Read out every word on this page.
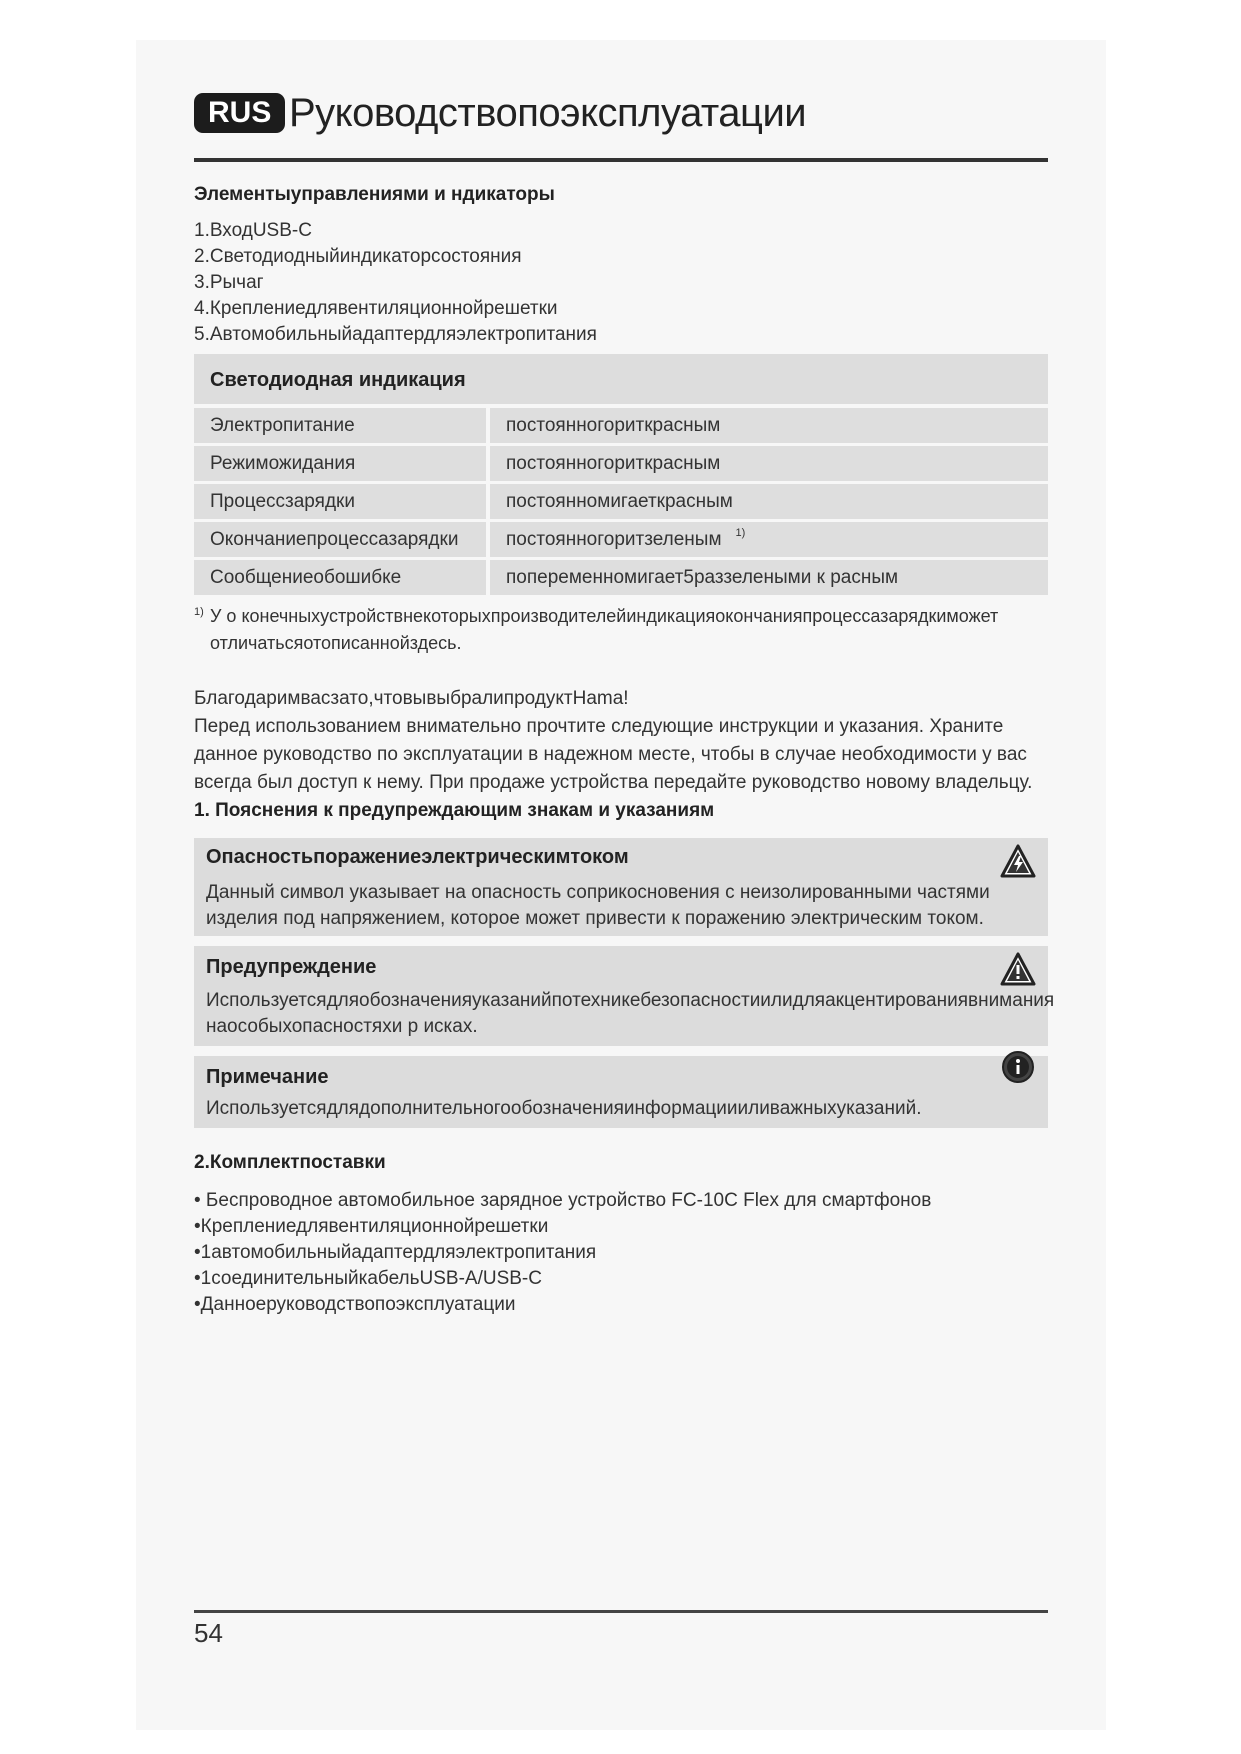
RUS Руководствопоэксплуатации
Элементыуправлениями и ндикаторы
1.ВходUSB-C
2.Светодиодныйиндикаторсостояния
3.Рычаг
4.Креплениедлявентиляционнойрешетки
5.Автомобильныйадаптердляэлектропитания
Светодиодная индикация
Электропитание	постоянногориткрасным
Режиможидания	постоянногориткрасным
Процессзарядки	постоянномигаеткрасным
Окончаниепроцессазарядки	постоянногоритзеленым $^{1)}$
Сообщениеобошибке	попеременномигает5раззелеными к расным
1) У о конечныхустройствнекоторыхпроизводителейиндикацияокончанияпроцессазарядкиможет отличатьсяотописаннойздесь.
Благодаримвасзато,чтовывыбралипродуктHama!
Перед использованием внимательно прочтите следующие инструкции и указания. Храните данное руководство по эксплуатации в надежном месте, чтобы в случае необходимости у вас всегда был доступ к нему. При продаже устройства передайте руководство новому владельцу.
1. Пояснения к предупреждающим знакам и указаниям
Опасностьпоражениеэлектрическимтоком
Данный символ указывает на опасность соприкосновения с неизолированными частями изделия под напряжением, которое может привести к поражению электрическим током.
Предупреждение
Используетсядляобозначенияуказанийпотехникебезопасностиилидляакцентированиявнимания наособыхопасностяхи р исках.
Примечание
Используетсядлядополнительногообозначенияинформациииливажныхуказаний.
2.Комплектпоставки
• Беспроводное автомобильное зарядное устройство FC-10C Flex для смартфонов
•Креплениедлявентиляционнойрешетки
•1автомобильныйадаптердляэлектропитания
•1соединительныйкабельUSB-A/USB-C
•Данноеруководствопоэксплуатации
54
